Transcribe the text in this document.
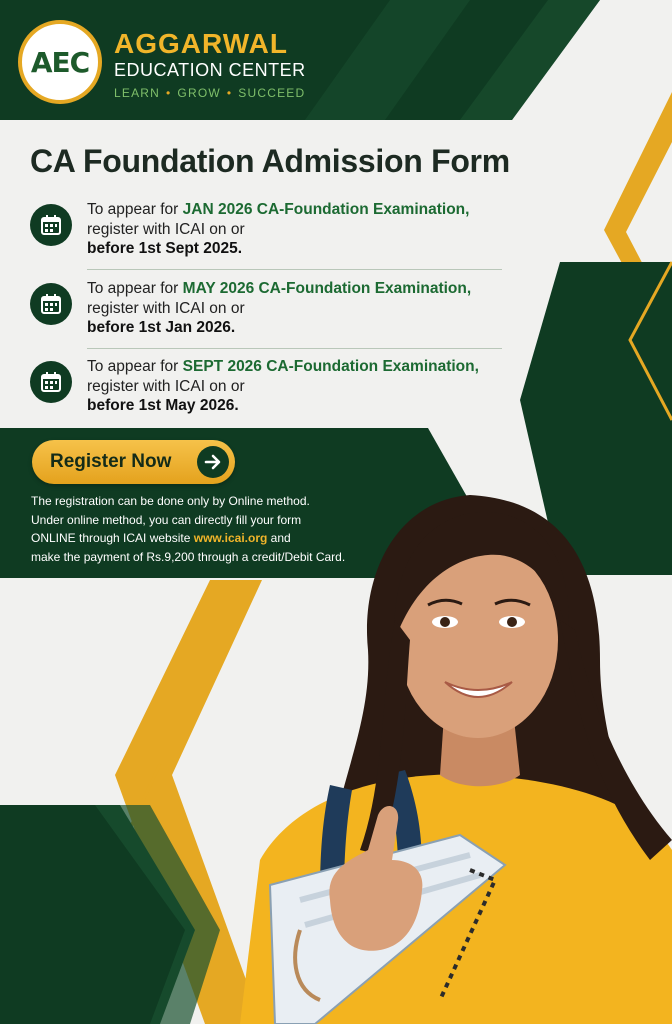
AEC
AGGARWAL
EDUCATION CENTER
LEARN • GROW • SUCCEED
CA Foundation Admission Form
To appear for JAN 2026 CA-Foundation Examination,
register with ICAI on or
before 1st Sept 2025.
To appear for MAY 2026 CA-Foundation Examination,
register with ICAI on or
before 1st Jan 2026.
To appear for SEPT 2026 CA-Foundation Examination,
register with ICAI on or
before 1st May 2026.
Register Now

The registration can be done only by Online method.

Under online method, you can directly fill your form

ONLINE through ICAI website www.icai.org and

make the payment of Rs.9,200 through a credit/Debit Card.
